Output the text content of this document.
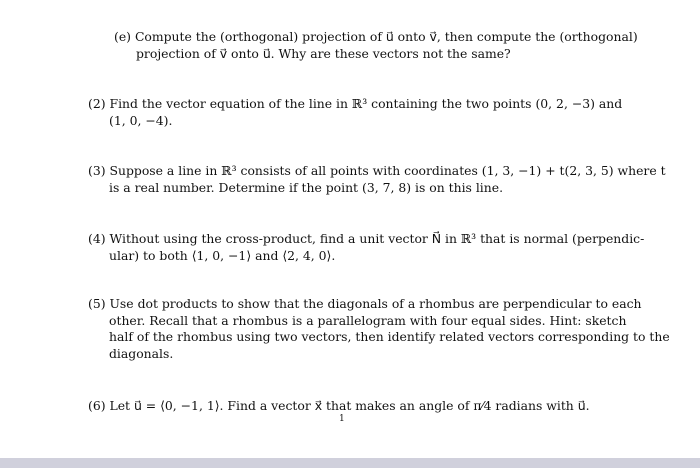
(e) Compute the (orthogonal) projection of u⃗ onto v⃗, then compute the (orthogonal)
projection of v⃗ onto u⃗. Why are these vectors not the same?
(2) Find the vector equation of the line in ℝ³ containing the two points (0, 2, −3) and
(1, 0, −4).
(3) Suppose a line in ℝ³ consists of all points with coordinates (1, 3, −1) + t(2, 3, 5) where t
is a real number. Determine if the point (3, 7, 8) is on this line.
(4) Without using the cross-product, find a unit vector N⃗ in ℝ³ that is normal (perpendic-
ular) to both ⟨1, 0, −1⟩ and ⟨2, 4, 0⟩.
(5) Use dot products to show that the diagonals of a rhombus are perpendicular to each
other. Recall that a rhombus is a parallelogram with four equal sides. Hint: sketch
half of the rhombus using two vectors, then identify related vectors corresponding to the
diagonals.
(6) Let u⃗ = ⟨0, −1, 1⟩. Find a vector x⃗ that makes an angle of π⁄4 radians with u⃗.
1
